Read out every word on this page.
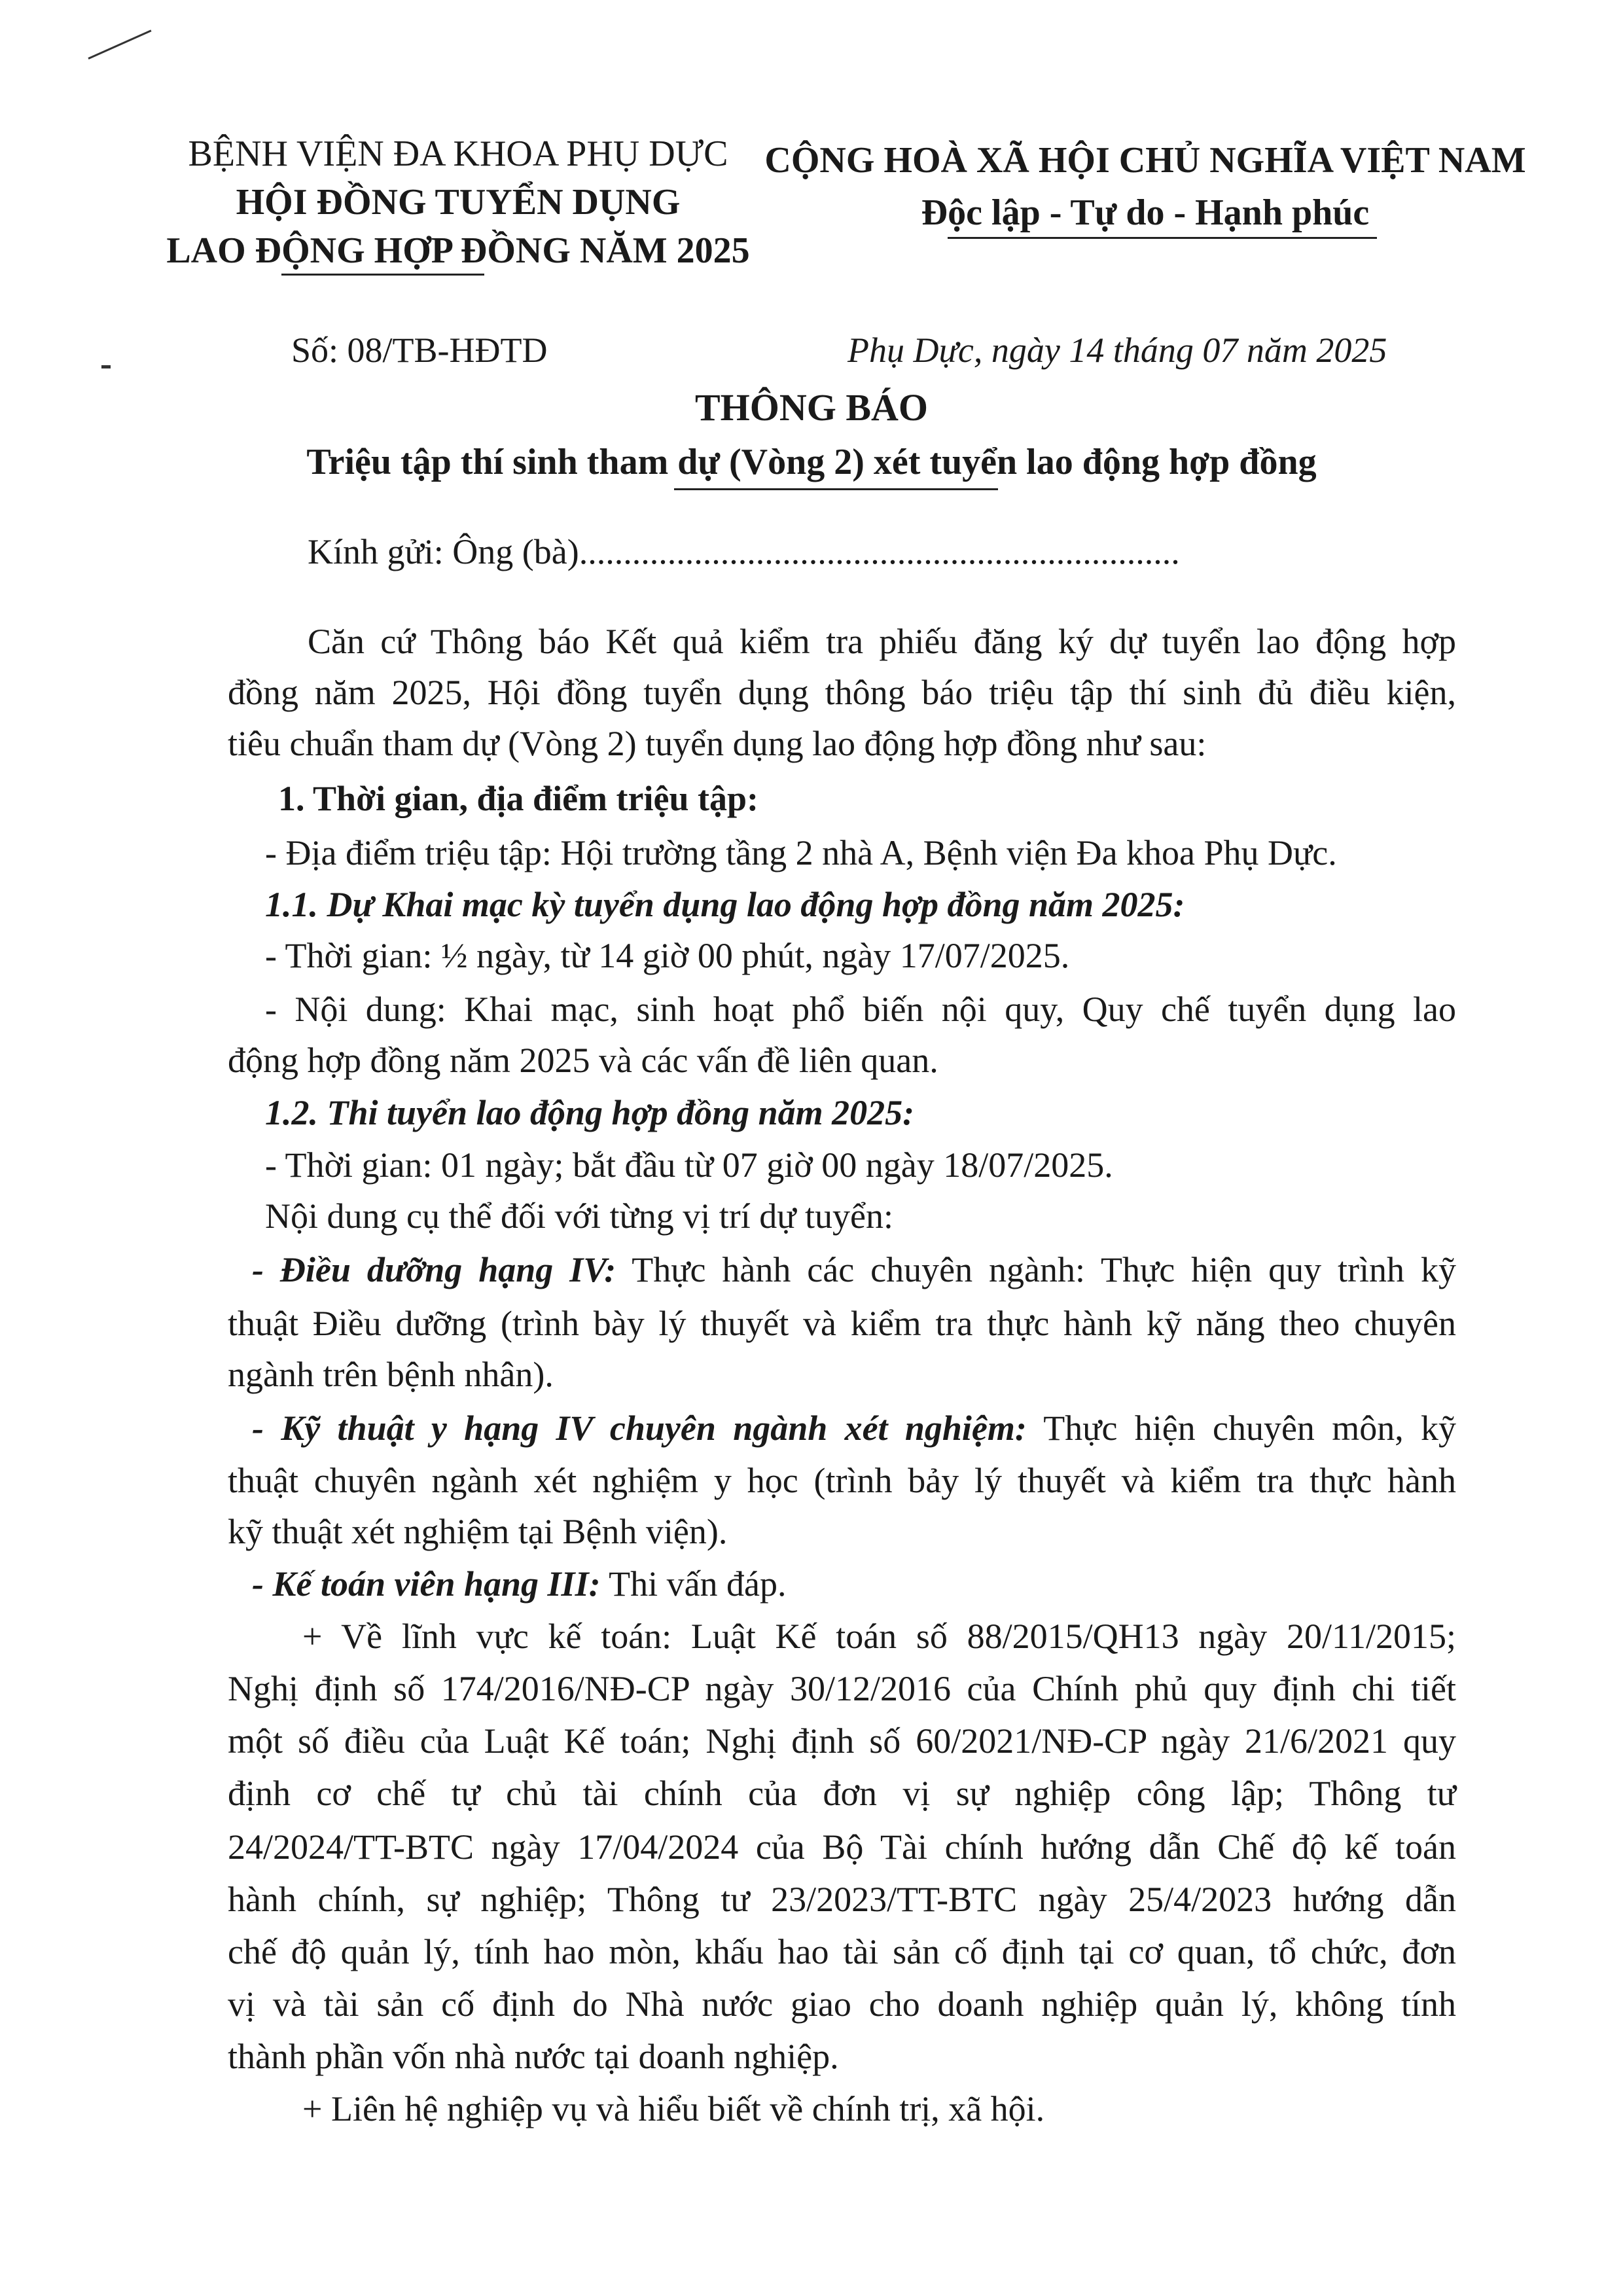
BỆNH VIỆN ĐA KHOA PHỤ DỰC
HỘI ĐỒNG TUYỂN DỤNG
LAO ĐỘNG HỢP ĐỒNG NĂM 2025
CỘNG HOÀ XÃ HỘI CHỦ NGHĨA VIỆT NAM
Độc lập - Tự do - Hạnh phúc
Số: 08/TB-HĐTD	Phụ Dực, ngày 14 tháng 07 năm 2025
THÔNG BÁO
Triệu tập thí sinh tham dự (Vòng 2) xét tuyển lao động hợp đồng
Kính gửi: Ông (bà)....................................................................
Căn cứ Thông báo Kết quả kiểm tra phiếu đăng ký dự tuyển lao động hợp
đồng năm 2025, Hội đồng tuyển dụng thông báo triệu tập thí sinh đủ điều kiện,
tiêu chuẩn tham dự (Vòng 2) tuyển dụng lao động hợp đồng như sau:
1. Thời gian, địa điểm triệu tập:
- Địa điểm triệu tập: Hội trường tầng 2 nhà A, Bệnh viện Đa khoa Phụ Dực.
1.1. Dự Khai mạc kỳ tuyển dụng lao động hợp đồng năm 2025:
- Thời gian: ½ ngày, từ 14 giờ 00 phút, ngày 17/07/2025.
- Nội dung: Khai mạc, sinh hoạt phổ biến nội quy, Quy chế tuyển dụng lao
động hợp đồng năm 2025 và các vấn đề liên quan.
1.2. Thi tuyển lao động hợp đồng năm 2025:
- Thời gian: 01 ngày; bắt đầu từ 07 giờ 00 ngày 18/07/2025.
Nội dung cụ thể đối với từng vị trí dự tuyển:
- Điều dưỡng hạng IV: Thực hành các chuyên ngành: Thực hiện quy trình kỹ
thuật Điều dưỡng (trình bày lý thuyết và kiểm tra thực hành kỹ năng theo chuyên
ngành trên bệnh nhân).
- Kỹ thuật y hạng IV chuyên ngành xét nghiệm: Thực hiện chuyên môn, kỹ
thuật chuyên ngành xét nghiệm y học (trình bảy lý thuyết và kiểm tra thực hành
kỹ thuật xét nghiệm tại Bệnh viện).
- Kế toán viên hạng III: Thi vấn đáp.
+ Về lĩnh vực kế toán: Luật Kế toán số 88/2015/QH13 ngày 20/11/2015;
Nghị định số 174/2016/NĐ-CP ngày 30/12/2016 của Chính phủ quy định chi tiết
một số điều của Luật Kế toán; Nghị định số 60/2021/NĐ-CP ngày 21/6/2021 quy
định cơ chế tự chủ tài chính của đơn vị sự nghiệp công lập; Thông tư
24/2024/TT-BTC ngày 17/04/2024 của Bộ Tài chính hướng dẫn Chế độ kế toán
hành chính, sự nghiệp; Thông tư 23/2023/TT-BTC ngày 25/4/2023 hướng dẫn
chế độ quản lý, tính hao mòn, khấu hao tài sản cố định tại cơ quan, tổ chức, đơn
vị và tài sản cố định do Nhà nước giao cho doanh nghiệp quản lý, không tính
thành phần vốn nhà nước tại doanh nghiệp.
+ Liên hệ nghiệp vụ và hiểu biết về chính trị, xã hội.
